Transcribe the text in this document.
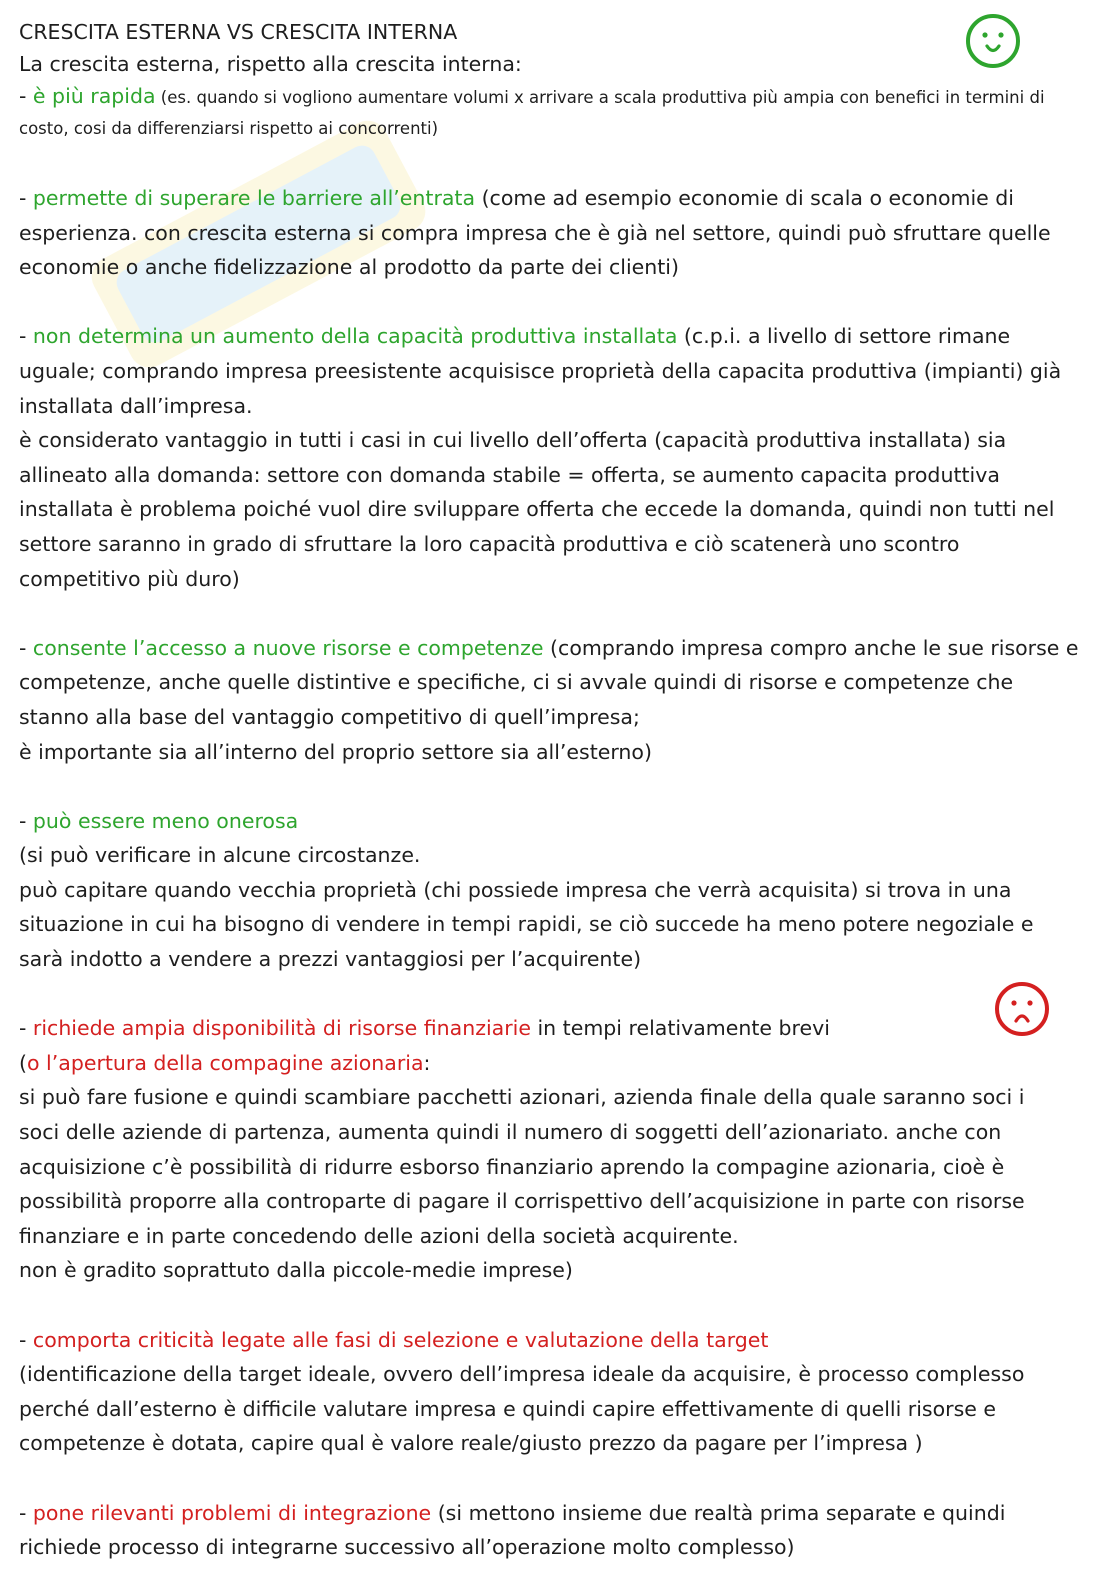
CRESCITA ESTERNA VS CRESCITA INTERNA
La crescita esterna, rispetto alla crescita interna:
- è più rapida (es. quando si vogliono aumentare volumi x arrivare a scala produttiva più ampia con benefici in termini di
costo, cosi da differenziarsi rispetto ai concorrenti)
- permette di superare le barriere all’entrata (come ad esempio economie di scala o economie di
esperienza. con crescita esterna si compra impresa che è già nel settore, quindi può sfruttare quelle
economie o anche fidelizzazione al prodotto da parte dei clienti)
- non determina un aumento della capacità produttiva installata (c.p.i. a livello di settore rimane
uguale; comprando impresa preesistente acquisisce proprietà della capacita produttiva (impianti) già
installata dall’impresa.
è considerato vantaggio in tutti i casi in cui livello dell’offerta (capacità produttiva installata) sia
allineato alla domanda: settore con domanda stabile = offerta, se aumento capacita produttiva
installata è problema poiché vuol dire sviluppare offerta che eccede la domanda, quindi non tutti nel
settore saranno in grado di sfruttare la loro capacità produttiva e ciò scatenerà uno scontro
competitivo più duro)
- consente l’accesso a nuove risorse e competenze (comprando impresa compro anche le sue risorse e
competenze, anche quelle distintive e specifiche, ci si avvale quindi di risorse e competenze che
stanno alla base del vantaggio competitivo di quell’impresa;
è importante sia all’interno del proprio settore sia all’esterno)
- può essere meno onerosa
(si può verificare in alcune circostanze.
può capitare quando vecchia proprietà (chi possiede impresa che verrà acquisita) si trova in una
situazione in cui ha bisogno di vendere in tempi rapidi, se ciò succede ha meno potere negoziale e
sarà indotto a vendere a prezzi vantaggiosi per l’acquirente)
- richiede ampia disponibilità di risorse finanziarie in tempi relativamente brevi
(o l’apertura della compagine azionaria:
si può fare fusione e quindi scambiare pacchetti azionari, azienda finale della quale saranno soci i
soci delle aziende di partenza, aumenta quindi il numero di soggetti dell’azionariato. anche con
acquisizione c’è possibilità di ridurre esborso finanziario aprendo la compagine azionaria, cioè è
possibilità proporre alla controparte di pagare il corrispettivo dell’acquisizione in parte con risorse
finanziare e in parte concedendo delle azioni della società acquirente.
non è gradito soprattuto dalla piccole-medie imprese)
- comporta criticità legate alle fasi di selezione e valutazione della target
(identificazione della target ideale, ovvero dell’impresa ideale da acquisire, è processo complesso
perché dall’esterno è difficile valutare impresa e quindi capire effettivamente di quelli risorse e
competenze è dotata, capire qual è valore reale/giusto prezzo da pagare per l’impresa )
- pone rilevanti problemi di integrazione (si mettono insieme due realtà prima separate e quindi
richiede processo di integrarne successivo all’operazione molto complesso)
